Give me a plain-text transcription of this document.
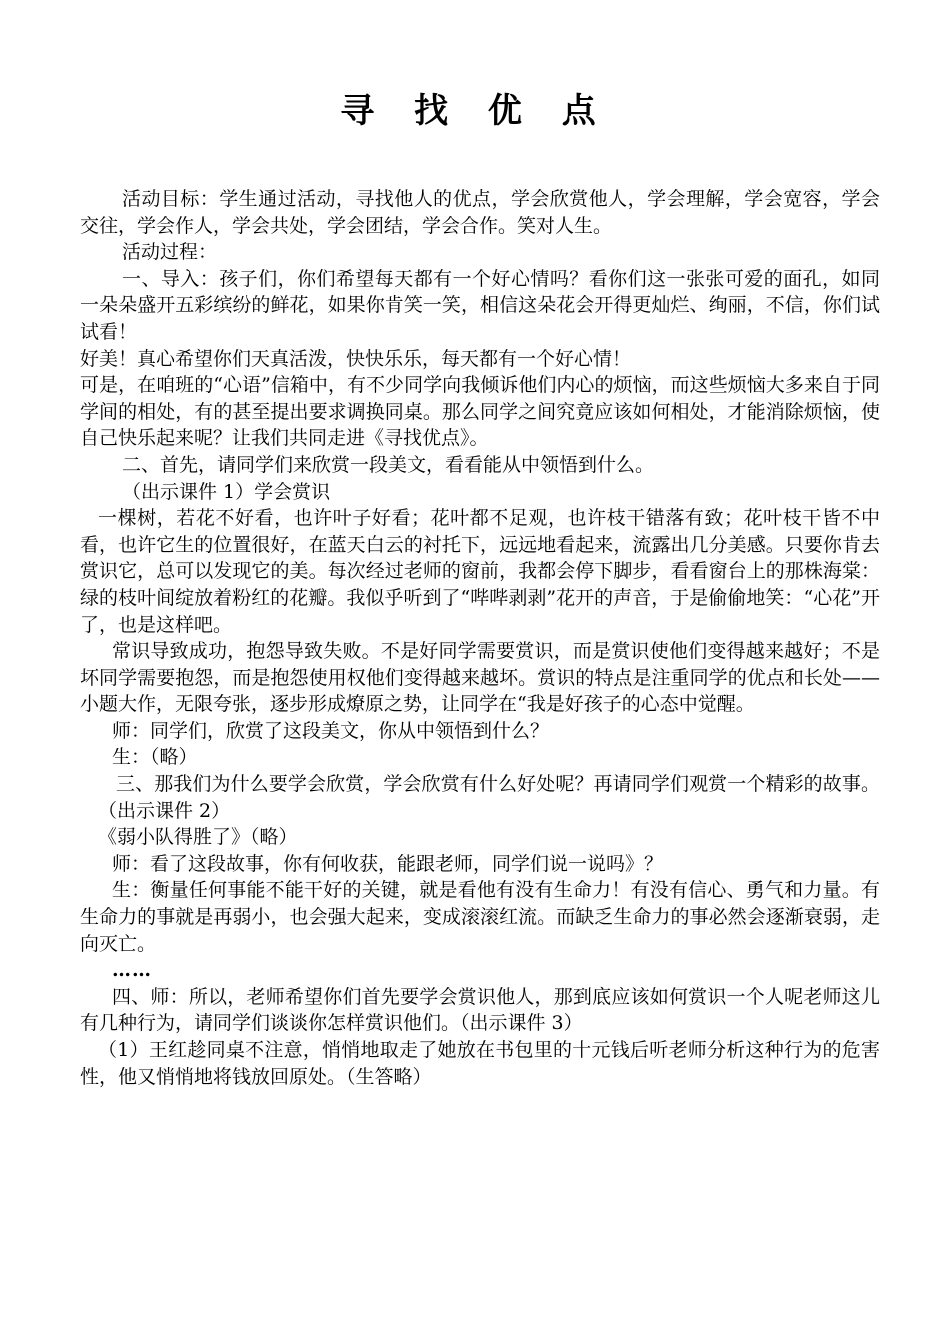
寻 找 优 点

活动目标：学生通过活动，寻找他人的优点，学会欣赏他人，学会理解，学会宽容，学会交往，学会作人，学会共处，学会团结，学会合作。笑对人生。

活动过程：

一、导入：孩子们，你们希望每天都有一个好心情吗？看你们这一张张可爱的面孔，如同一朵朵盛开五彩缤纷的鲜花，如果你肯笑一笑，相信这朵花会开得更灿烂、绚丽，不信，你们试试看！

好美！真心希望你们天真活泼，快快乐乐，每天都有一个好心情！

可是，在咱班的“心语”信箱中，有不少同学向我倾诉他们内心的烦恼，而这些烦恼大多来自于同学间的相处，有的甚至提出要求调换同桌。那么同学之间究竟应该如何相处，才能消除烦恼，使自己快乐起来呢？让我们共同走进《寻找优点》。

二、首先，请同学们来欣赏一段美文，看看能从中领悟到什么。

（出示课件 1）学会赏识

一棵树，若花不好看，也许叶子好看；花叶都不足观，也许枝干错落有致；花叶枝干皆不中看，也许它生的位置很好，在蓝天白云的衬托下，远远地看起来，流露出几分美感。只要你肯去赏识它，总可以发现它的美。每次经过老师的窗前，我都会停下脚步，看看窗台上的那株海棠：绿的枝叶间绽放着粉红的花瓣。我似乎听到了“哔哔剥剥”花开的声音，于是偷偷地笑：“心花”开了，也是这样吧。

常识导致成功，抱怨导致失败。不是好同学需要赏识，而是赏识使他们变得越来越好；不是坏同学需要抱怨，而是抱怨使用权他们变得越来越坏。赏识的特点是注重同学的优点和长处——小题大作，无限夸张，逐步形成燎原之势，让同学在“我是好孩子的心态中觉醒。

师：同学们，欣赏了这段美文，你从中领悟到什么？

生：（略）

三、那我们为什么要学会欣赏，学会欣赏有什么好处呢？再请同学们观赏一个精彩的故事。（出示课件 2）

《弱小队得胜了》（略）

师：看了这段故事，你有何收获，能跟老师，同学们说一说吗》？

生：衡量任何事能不能干好的关键，就是看他有没有生命力！有没有信心、勇气和力量。有生命力的事就是再弱小，也会强大起来，变成滚滚红流。而缺乏生命力的事必然会逐渐衰弱，走向灭亡。

……

四、师：所以，老师希望你们首先要学会赏识他人，那到底应该如何赏识一个人呢老师这儿有几种行为，请同学们谈谈你怎样赏识他们。（出示课件 3）

（1）王红趁同桌不注意，悄悄地取走了她放在书包里的十元钱后听老师分析这种行为的危害性，他又悄悄地将钱放回原处。（生答略）
